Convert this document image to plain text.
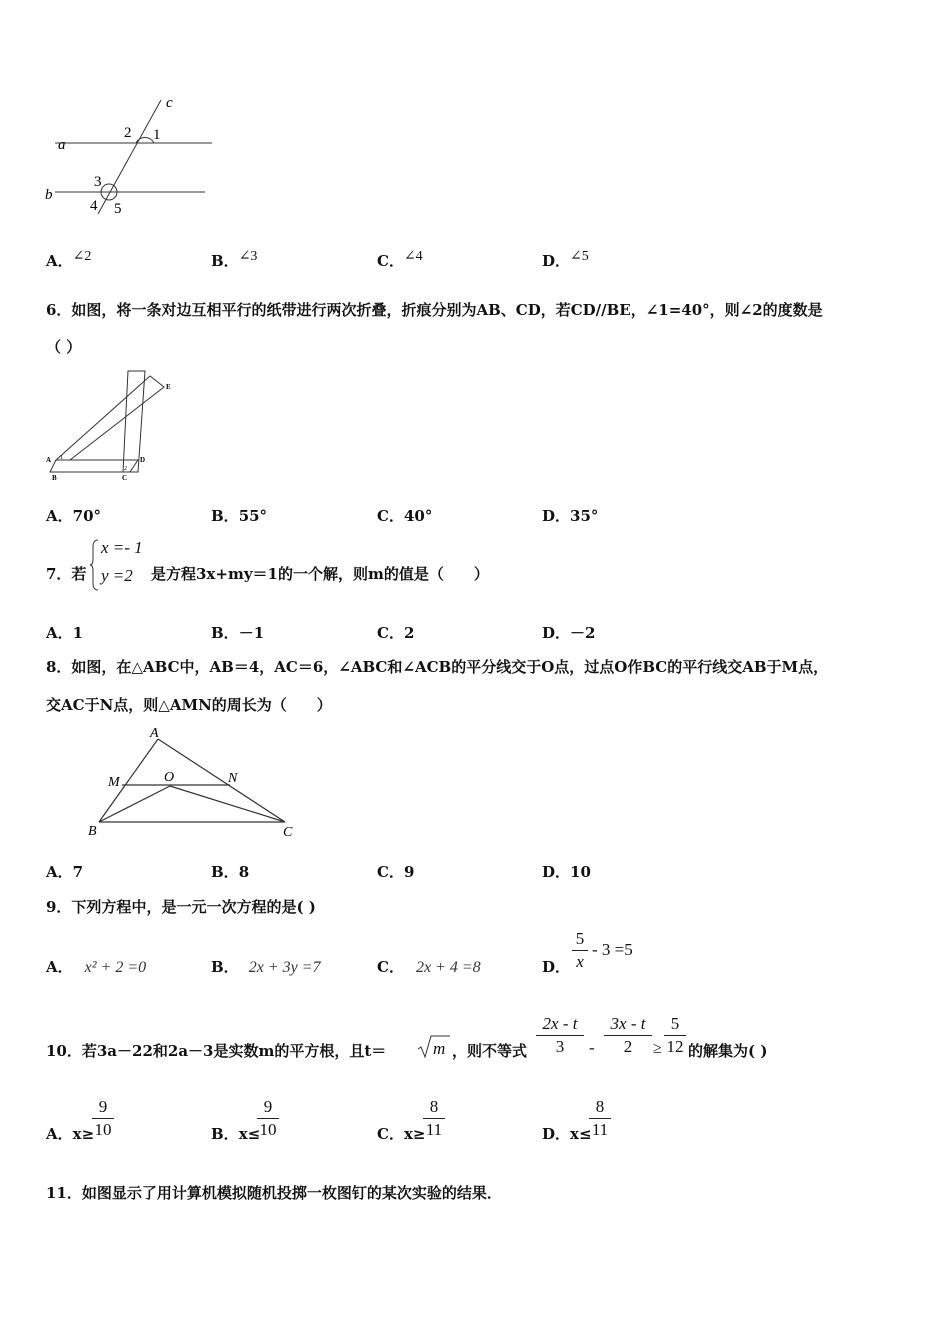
c
a
b
2 1
3
4 5
A．∠2	B．∠3	C．∠4	D．∠5
6．如图，将一条对边互相平行的纸带进行两次折叠，折痕分别为AB、CD，若CD//BE，∠1=40°，则∠2的度数是
（ ）
E
A	D
B	C
1
2
A．70°	B．55°	C．40°	D．35°
7．若
x =- 1
y =2 是方程3x+my＝1的一个解，则m的值是（　　）
A．1	B．－1	C．2	D．－2
8．如图，在△ABC中，AB＝4，AC＝6，∠ABC和∠ACB的平分线交于O点，过点O作BC的平行线交AB于M点，
交AC于N点，则△AMN的周长为（　　）
A
M	O	N
B	C
A．7	B．8	C．9	D．10
9．下列方程中，是一元一次方程的是( )
A． x² + 2 =0	B． 2x + 3y =7	C． 2x + 4 =8	D．
5
x
- 3 =5
10．若3a－22和2a－3是实数m的平方根，且t＝	m ，则不等式
2x - t
3	-
3x - t
2	≥
5
12 的解集为( )
A．x≥
9
10	B．x≤
9
10	C．x≥
8
11	D．x≤
8
11
11．如图显示了用计算机模拟随机投掷一枚图钉的某次实验的结果．
